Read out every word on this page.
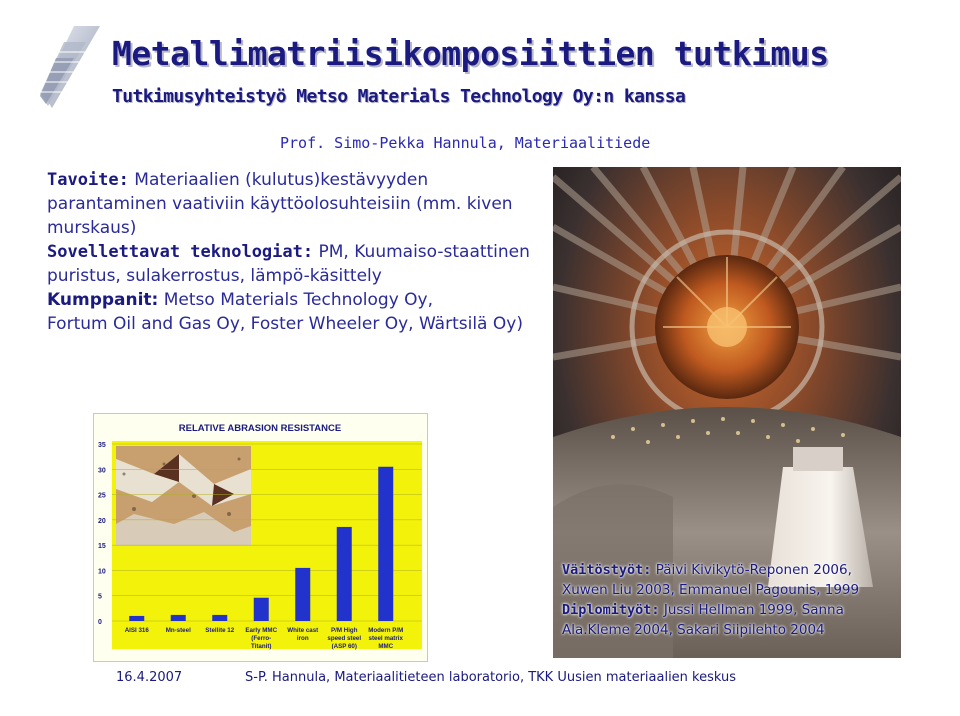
Metallimatriisikomposiittien tutkimus
Tutkimusyhteistyö Metso Materials Technology Oy:n kanssa
Prof. Simo-Pekka Hannula, Materiaalitiede

Tavoite: Materiaalien (kulutus)kestävyyden parantaminen vaativiin käyttöolosuhteisiin (mm. kiven murskaus)

Sovellettavat teknologiat: PM, Kuumaiso-staattinen puristus, sulakerrostus, lämpö-käsittely

Kumppanit: Metso Materials Technology Oy,
Fortum Oil and Gas Oy, Foster Wheeler Oy, Wärtsilä Oy)

Väitöstyöt: Päivi Kivikytö-Reponen 2006, Xuwen Liu 2003, Emmanuel Pagounis, 1999

Diplomityöt: Jussi Hellman 1999, Sanna Ala.Kleme 2004, Sakari Siipilehto 2004

RELATIVE ABRASION RESISTANCE
0
5
10
15
20
25
30
35
AISI 316	Mn-steel Stellite 12 Early MMC (Ferro-Titanit)
White cast iron
P/M High speed steel (ASP 60)
Modern P/M steel matrix MMC
16.4.2007	S-P. Hannula, Materiaalitieteen laboratorio, TKK Uusien materiaalien keskus
